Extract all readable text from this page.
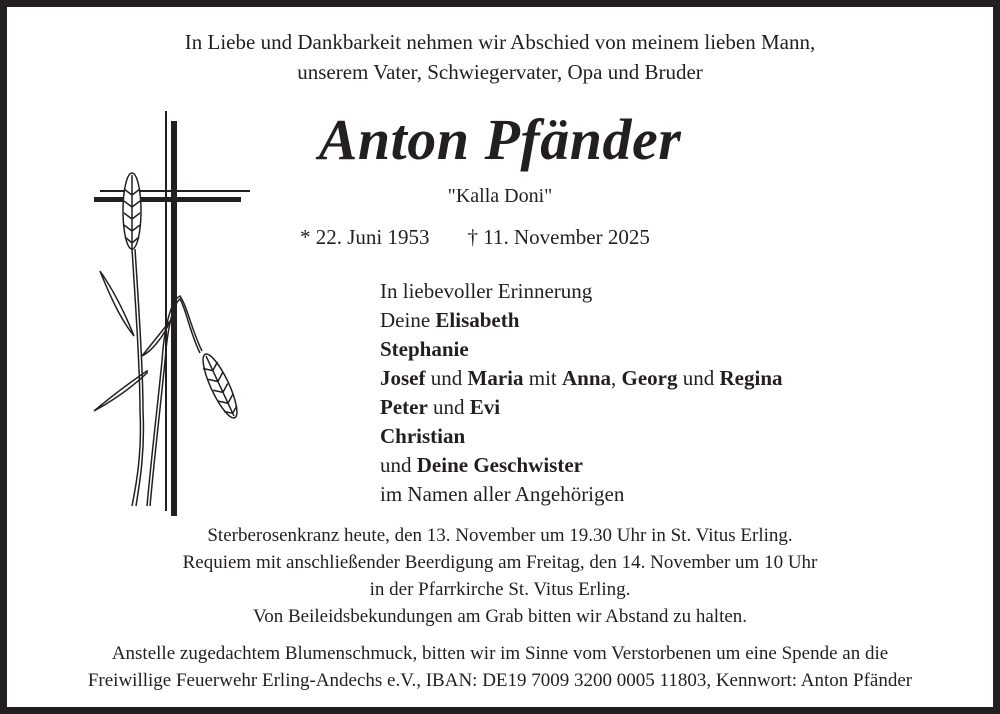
In Liebe und Dankbarkeit nehmen wir Abschied von meinem lieben Mann,
unserem Vater, Schwiegervater, Opa und Bruder
Anton Pfänder
"Kalla Doni"
* 22. Juni 1953 † 11. November 2025
In liebevoller Erinnerung
Deine Elisabeth
Stephanie
Josef und Maria mit Anna, Georg und Regina
Peter und Evi
Christian
und Deine Geschwister
im Namen aller Angehörigen
Sterberosenkranz heute, den 13. November um 19.30 Uhr in St. Vitus Erling.
Requiem mit anschließender Beerdigung am Freitag, den 14. November um 10 Uhr
in der Pfarrkirche St. Vitus Erling.
Von Beileidsbekundungen am Grab bitten wir Abstand zu halten.
Anstelle zugedachtem Blumenschmuck, bitten wir im Sinne vom Verstorbenen um eine Spende an die
Freiwillige Feuerwehr Erling-Andechs e.V., IBAN: DE19 7009 3200 0005 11803, Kennwort: Anton Pfänder
